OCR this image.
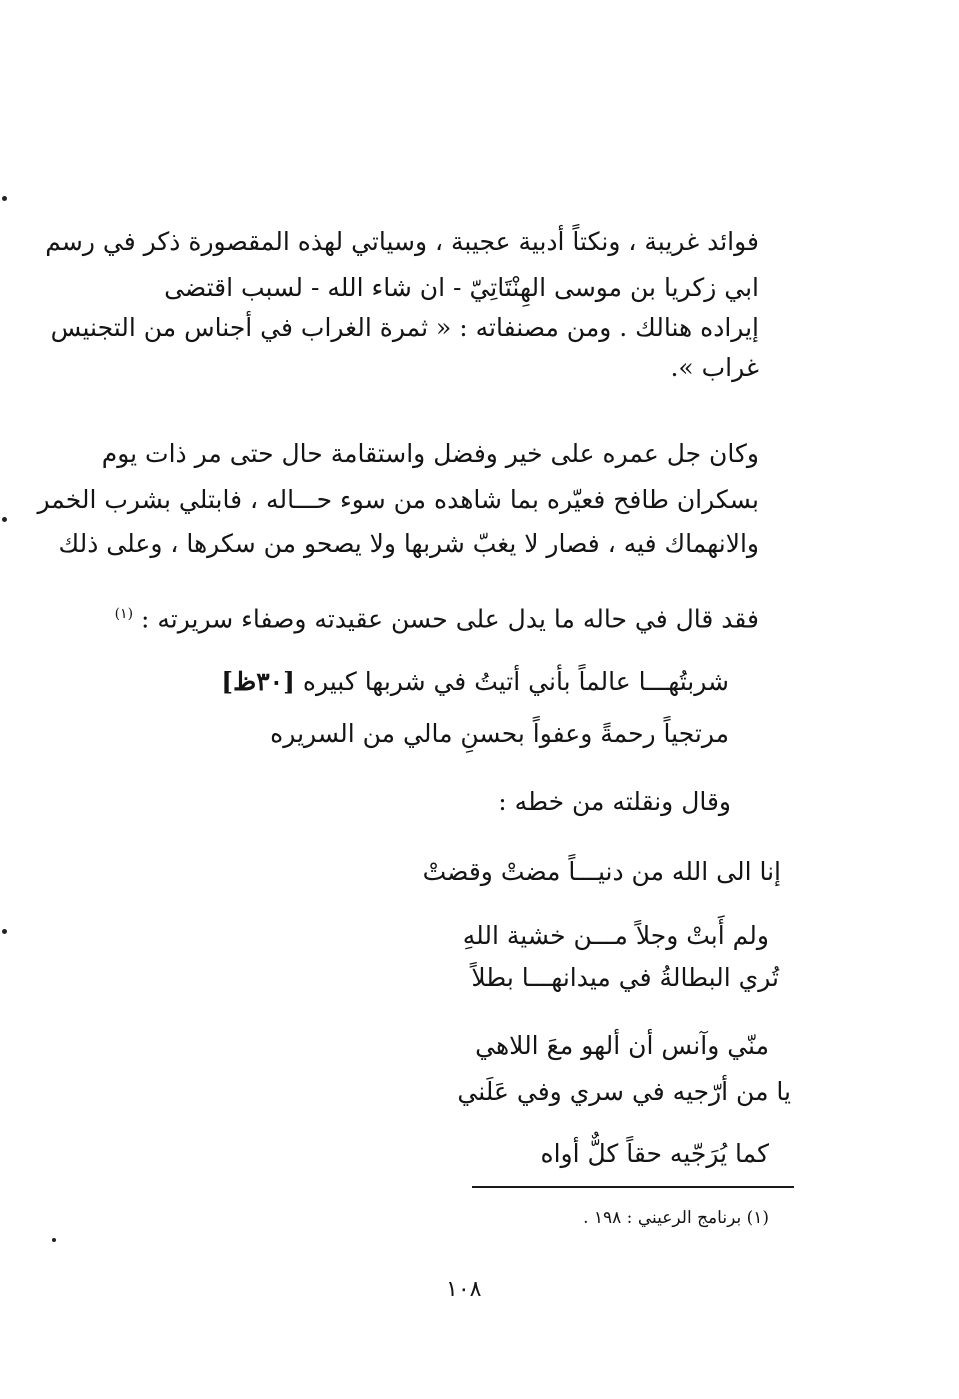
فوائد غريبة ، ونكتاً أدبية عجيبة ، وسياتي لهذه المقصورة ذكر في رسم
ابي زكريا بن موسى الهِنْتَاتِيّ - ان شاء الله - لسبب اقتضى
إيراده هنالك . ومن مصنفاته : « ثمرة الغراب في أجناس من التجنيس
غراب ».
وكان جل عمره على خير وفضل واستقامة حال حتى مر ذات يوم
بسكران طافح فعيّره بما شاهده من سوء حـــاله ، فابتلي بشرب الخمر
والانهماك فيه ، فصار لا يغبّ شربها ولا يصحو من سكرها ، وعلى ذلك
فقد قال في حاله ما يدل على حسن عقيدته وصفاء سريرته : $^{(١)}$
شربتُهـــا عالماً بأني أتيتُ في شربها كبيره [٣٠ظ]
مرتجياً رحمةً وعفواً بحسنِ مالي من السريره
وقال ونقلته من خطه :
إنا الى الله من دنيـــاً مضتْ وقضتْ
ولم أَبتْ وجلاً مـــن خشية اللهِ
تُري البطالةُ في ميدانهـــا بطلاً
منّي وآنس أن ألهو معَ اللاهي
يا من أرّجيه في سري وفي عَلَني
كما يُرَجّيه حقاً كلٌّ أواه
(١) برنامج الرعيني : ١٩٨ .
١٠٨
